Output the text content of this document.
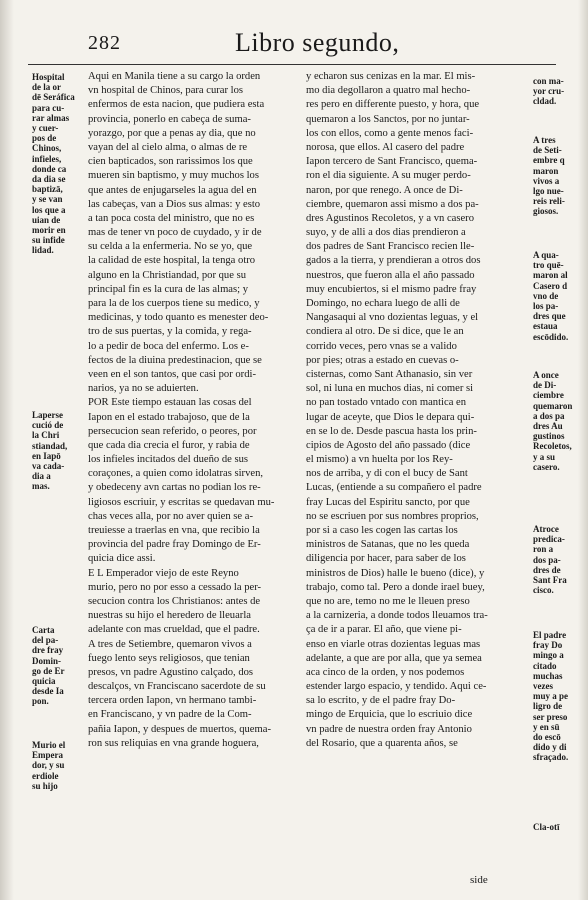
282	Libro segundo,
Hospital
de la or
dē Seráfica
para cu-
rar almas
y cuer-
pos de
Chinos,
infieles,
donde ca
da dia se
baptizā,
y se van
los que a
uian de
morir en
su infide
lidad.
Laperse
cució de
la Chri
stiandad,
en Iapō
va cada-
dia a
mas.
Carta
del pa-
dre fray
Domin-
go de Er
quicia
desde Ia
pon.
Murio el
Empera
dor, y su
erdiole
su hijo
con ma-
yor cru-
cldad.
A tres
de Seti-
embre q
maron
vivos a
lgo nue-
reis reli-
giosos.
A qua-
tro quē-
maron al
Casero d
vno de
los pa-
dres que
estaua
escōdido.
A once
de Di-
ciembre
quemaron
a dos pa
dres Au
gustinos
Recoletos,
y a su
casero.
Atroce
predica-
ron a
dos pa-
dres de
Sant Fra
cisco.
El padre
fray Do
mingo a
citado
muchas
vezes
muy a pe
ligro de
ser preso
y en sū
do escō
dido y di
sfraçado.
Cla-otī
Aqui en Manila tiene a su cargo la orden
vn hospital de Chinos, para curar los
enfermos de esta nacion, que pudiera esta
provincia, ponerlo en cabeça de suma-
yorazgo, por que a penas ay dia, que no
vayan del al cielo alma, o almas de re
cien bapticados, son rarissimos los que
mueren sin baptismo, y muy muchos los
que antes de enjugarseles la agua del en
las cabeças, van a Dios sus almas: y esto
a tan poca costa del ministro, que no es
mas de tener vn poco de cuydado, y ir de
su celda a la enfermeria. No se yo, que
la calidad de este hospital, la tenga otro
alguno en la Christiandad, por que su
principal fin es la cura de las almas; y
para la de los cuerpos tiene su medico, y
medicinas, y todo quanto es menester deo-
tro de sus puertas, y la comida, y rega-
lo a pedir de boca del enfermo. Los e-
fectos de la diuina predestinacion, que se
veen en el son tantos, que casi por ordi-
narios, ya no se aduierten.
POR Este tiempo estauan las cosas del
Iapon en el estado trabajoso, que de la
persecucion sean referido, o peores, por
que cada dia crecia el furor, y rabia de
los infieles incitados del dueño de sus
coraçones, a quien como idolatras sirven,
y obedeceny avn cartas no podian los re-
ligiosos escriuir, y escritas se quedavan mu-
chas veces alla, por no aver quien se a-
treuiesse a traerlas en vna, que recibio la
provincia del padre fray Domingo de Er-
quicia dice assi.
E L Emperador viejo de este Reyno
murio, pero no por esso a cessado la per-
secucion contra los Christianos: antes de
nuestras su hijo el heredero de lleuarla
adelante con mas crueldad, que el padre.
A tres de Setiembre, quemaron vivos a
fuego lento seys religiosos, que tenian
presos, vn padre Agustino calçado, dos
descalços, vn Franciscano sacerdote de su
tercera orden Iapon, vn hermano tambi-
en Franciscano, y vn padre de la Com-
pañia Iapon, y despues de muertos, quema-
ron sus reliquias en vna grande hoguera,
y echaron sus cenizas en la mar. El mis-
mo dia degollaron a quatro mal hecho-
res pero en differente puesto, y hora, que
quemaron a los Sanctos, por no juntar-
los con ellos, como a gente menos faci-
norosa, que ellos. Al casero del padre
Iapon tercero de Sant Francisco, quema-
ron el dia siguiente. A su muger perdo-
naron, por que renego. A once de Di-
ciembre, quemaron assi mismo a dos pa-
dres Agustinos Recoletos, y a vn casero
suyo, y de alli a dos dias prendieron a
dos padres de Sant Francisco recien lle-
gados a la tierra, y prendieran a otros dos
nuestros, que fueron alla el año passado
muy encubiertos, si el mismo padre fray
Domingo, no echara luego de alli de
Nangasaqui al vno dozientas leguas, y el
condiera al otro. De si dice, que le an
corrido veces, pero vnas se a valido
por pies; otras a estado en cuevas o-
cisternas, como Sant Athanasio, sin ver
sol, ni luna en muchos dias, ni comer si
no pan tostado vntado con mantica en
lugar de aceyte, que Dios le depara qui-
en se lo de. Desde pascua hasta los prin-
cipios de Agosto del año passado (dice
el mismo) a vn huelta por los Rey-
nos de arriba, y di con el bucy de Sant
Lucas, (entiende a su compañero el padre
fray Lucas del Espiritu sancto, por que
no se escriuen por sus nombres proprios,
por si a caso les cogen las cartas los
ministros de Satanas, que no les queda
diligencia por hacer, para saber de los
ministros de Dios) halle le bueno (dice), y
trabajo, como tal. Pero a donde irael buey,
que no are, temo no me le lleuen preso
a la carnizeria, a donde todos lleuamos tra-
ça de ir a parar. El año, que viene pi-
enso en viarle otras dozientas leguas mas
adelante, a que are por alla, que ya semea
aca cinco de la orden, y nos podemos
estender largo espacio, y tendido. Aqui ce-
sa lo escrito, y de el padre fray Do-
mingo de Erquicia, que lo escriuio dice
vn padre de nuestra orden fray Antonio
del Rosario, que a quarenta años, se
side
